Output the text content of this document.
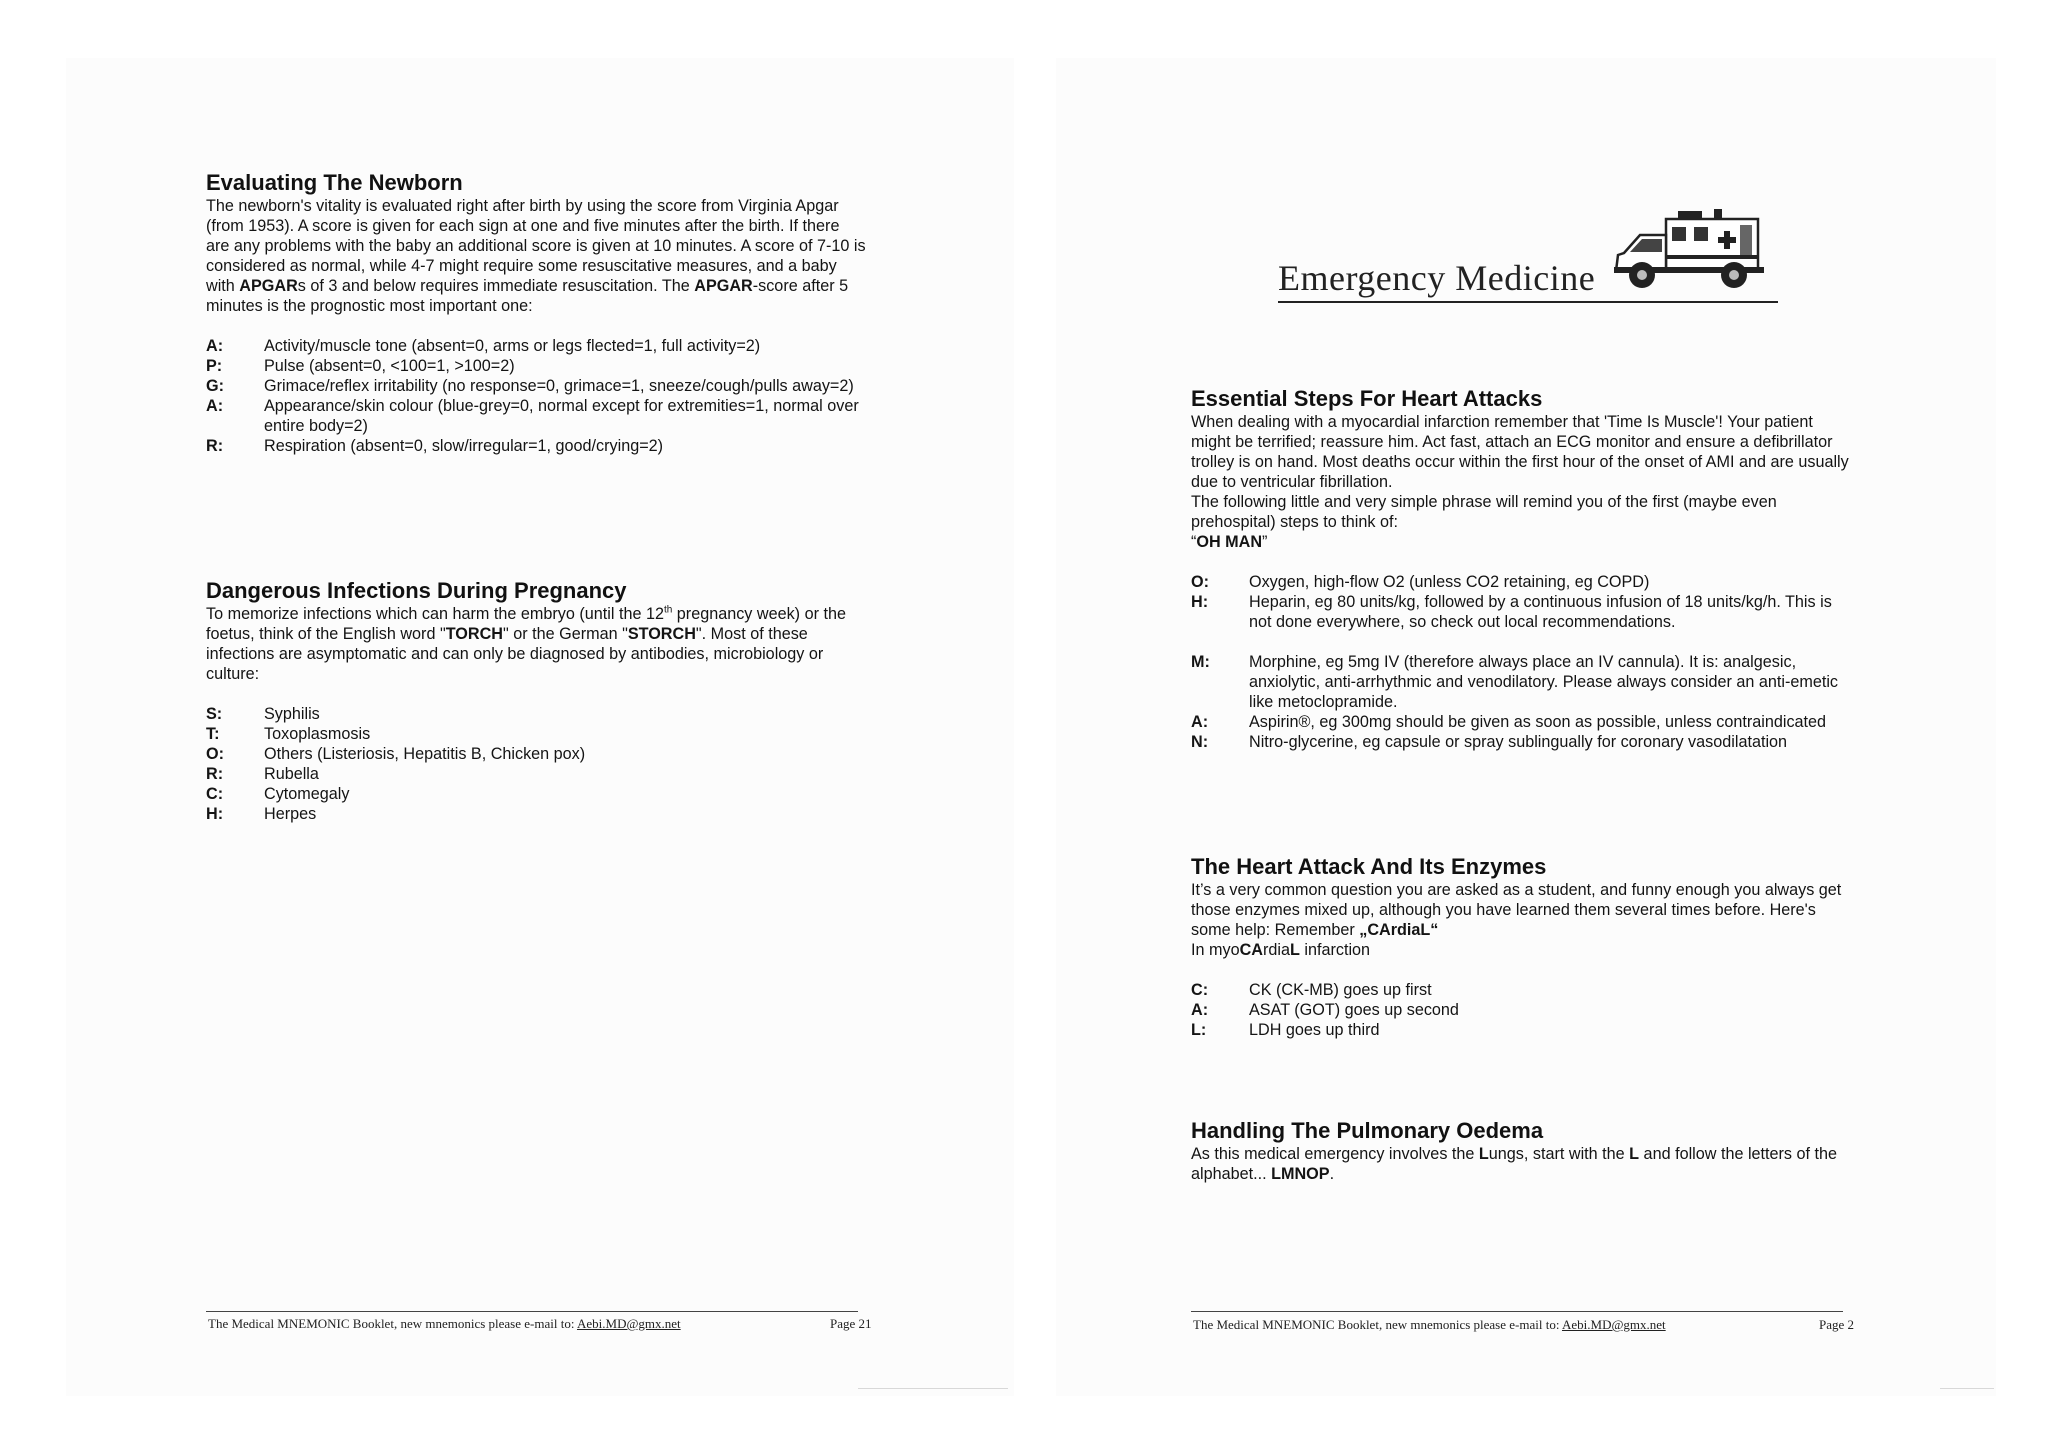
Evaluating The Newborn

The newborn's vitality is evaluated right after birth by using the score from Virginia Apgar (from 1953). A score is given for each sign at one and five minutes after the birth. If there are any problems with the baby an additional score is given at 10 minutes. A score of 7-10 is considered as normal, while 4-7 might require some resuscitative measures, and a baby with APGARs of 3 and below requires immediate resuscitation. The APGAR-score after 5 minutes is the prognostic most important one:

A:	Activity/muscle tone (absent=0, arms or legs flected=1, full activity=2)
P:	Pulse (absent=0, <100=1, >100=2)
G:	Grimace/reflex irritability (no response=0, grimace=1, sneeze/cough/pulls away=2)
A:	Appearance/skin colour (blue-grey=0, normal except for extremities=1, normal over entire body=2)
R:	Respiration (absent=0, slow/irregular=1, good/crying=2)
Dangerous Infections During Pregnancy

To memorize infections which can harm the embryo (until the 12th pregnancy week) or the foetus, think of the English word "TORCH" or the German "STORCH". Most of these infections are asymptomatic and can only be diagnosed by antibodies, microbiology or culture:

S:	Syphilis
T:	Toxoplasmosis
O:	Others (Listeriosis, Hepatitis B, Chicken pox)
R:	Rubella
C:	Cytomegaly
H:	Herpes
The Medical MNEMONIC Booklet, new mnemonics please e-mail to: Aebi.MD@gmx.net	Page 21
Emergency Medicine
Essential Steps For Heart Attacks

When dealing with a myocardial infarction remember that 'Time Is Muscle'! Your patient might be terrified; reassure him. Act fast, attach an ECG monitor and ensure a defibrillator trolley is on hand. Most deaths occur within the first hour of the onset of AMI and are usually due to ventricular fibrillation.

The following little and very simple phrase will remind you of the first (maybe even prehospital) steps to think of:

“OH MAN”

O:	Oxygen, high-flow O2 (unless CO2 retaining, eg COPD)
H:	Heparin, eg 80 units/kg, followed by a continuous infusion of 18 units/kg/h. This is not done everywhere, so check out local recommendations.
M:	Morphine, eg 5mg IV (therefore always place an IV cannula). It is: analgesic, anxiolytic, anti-arrhythmic and venodilatory. Please always consider an anti-emetic like metoclopramide.
A:	Aspirin®, eg 300mg should be given as soon as possible, unless contraindicated
N:	Nitro-glycerine, eg capsule or spray sublingually for coronary vasodilatation
The Heart Attack And Its Enzymes

It’s a very common question you are asked as a student, and funny enough you always get those enzymes mixed up, although you have learned them several times before. Here's some help: Remember „CArdiaL“

In myoCArdiaL infarction

C:	CK (CK-MB) goes up first
A:	ASAT (GOT) goes up second
L:	LDH goes up third
Handling The Pulmonary Oedema

As this medical emergency involves the Lungs, start with the L and follow the letters of the alphabet... LMNOP.

The Medical MNEMONIC Booklet, new mnemonics please e-mail to: Aebi.MD@gmx.net	Page 2
